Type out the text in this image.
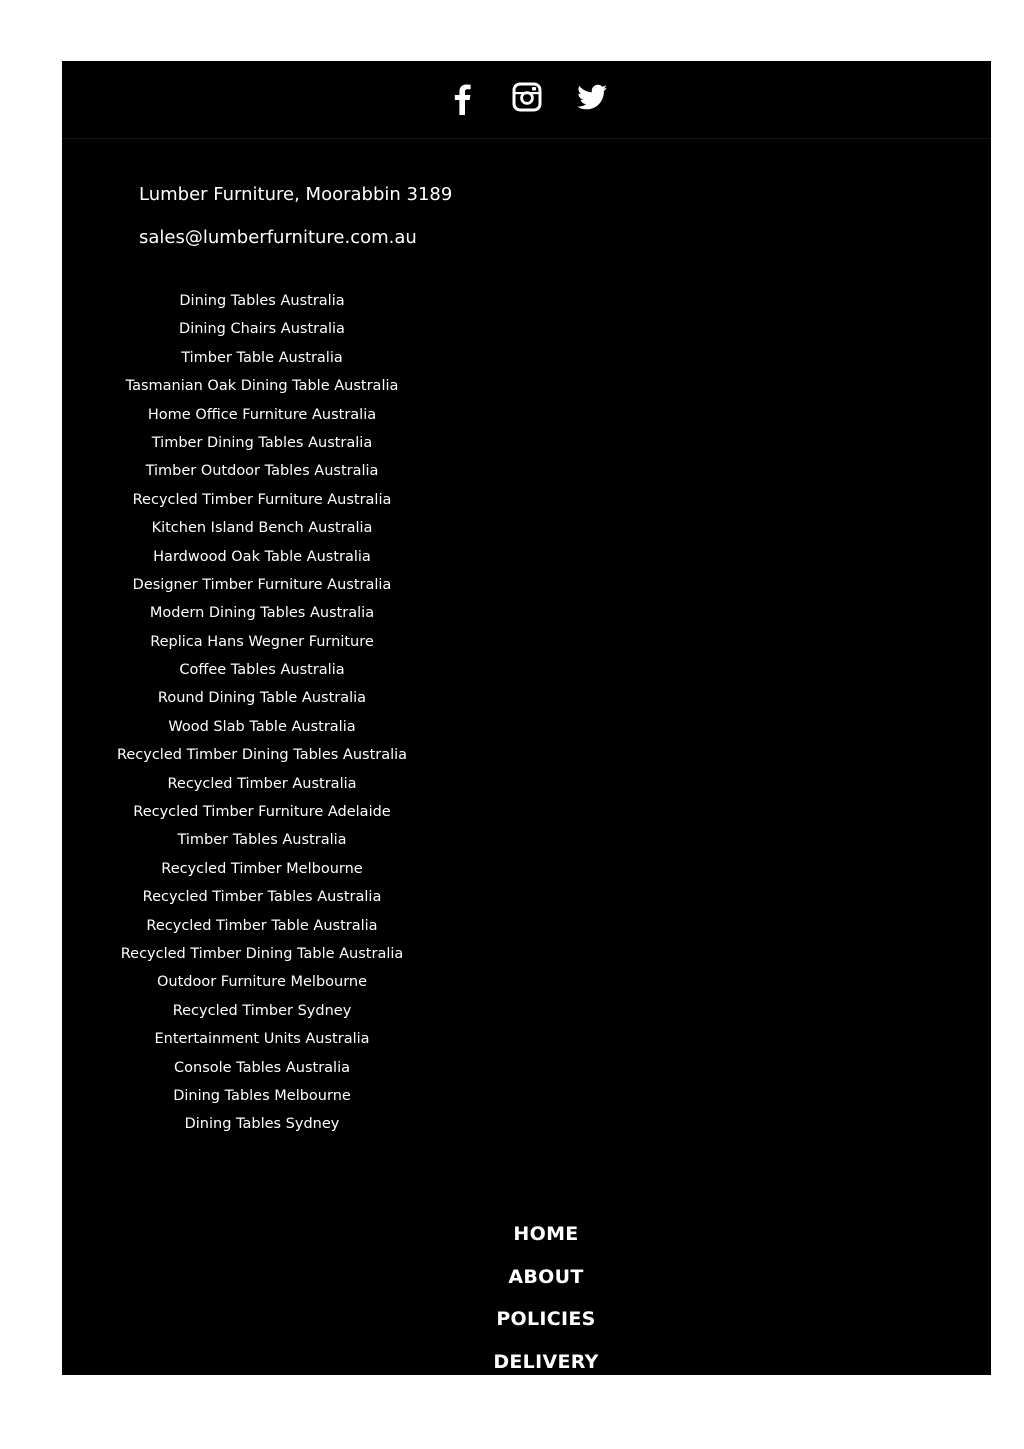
Lumber Furniture, Moorabbin 3189
sales@lumberfurniture.com.au
Dining Tables Australia
Dining Chairs Australia
Timber Table Australia
Tasmanian Oak Dining Table Australia
Home Office Furniture Australia
Timber Dining Tables Australia
Timber Outdoor Tables Australia
Recycled Timber Furniture Australia
Kitchen Island Bench Australia
Hardwood Oak Table Australia
Designer Timber Furniture Australia
Modern Dining Tables Australia
Replica Hans Wegner Furniture
Coffee Tables Australia
Round Dining Table Australia
Wood Slab Table Australia
Recycled Timber Dining Tables Australia
Recycled Timber Australia
Recycled Timber Furniture Adelaide
Timber Tables Australia
Recycled Timber Melbourne
Recycled Timber Tables Australia
Recycled Timber Table Australia
Recycled Timber Dining Table Australia
Outdoor Furniture Melbourne
Recycled Timber Sydney
Entertainment Units Australia
Console Tables Australia
Dining Tables Melbourne
Dining Tables Sydney
HOME
ABOUT
POLICIES
DELIVERY
